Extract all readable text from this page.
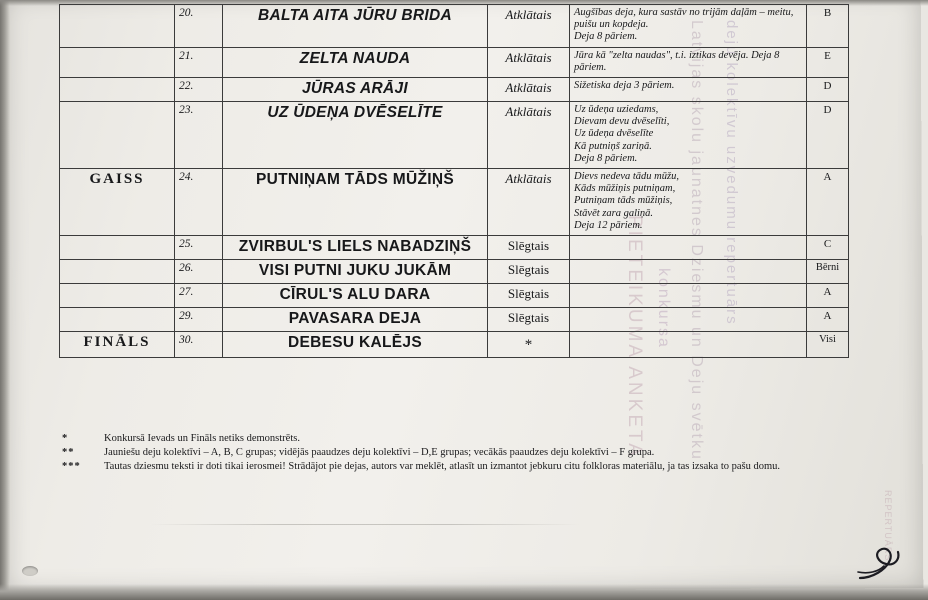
Latvijas skolu jaunatnes Dziesmu un Deju svētku deju kolektīvu uzvedumu repertuārs
PIETEIKUMA ANKETA konkursa
REPERTUĀRS
	20.	BALTA AITA JŪRU BRIDA	Atklātais	Augšības deja, kura sastāv no trijām daļām – meitu, puišu un kopdeja.
Deja 8 pāriem.	B
	21.	ZELTA NAUDA	Atklātais	Jūra kā "zelta naudas", t.i. iztikas devēja. Deja 8 pāriem.	E
	22.	JŪRAS ARĀJI	Atklātais	Sižetiska deja 3 pāriem.	D
	23.	UZ ŪDEŅA DVĒSELĪTE	Atklātais	Uz ūdeņa uziedams,
Dievam devu dvēselīti,
Uz ūdeņa dvēselīte
Kā putniņš zariņā.
Deja 8 pāriem.	D
GAISS	24.	PUTNIŅAM TĀDS MŪŽIŅŠ	Atklātais	Dievs nedeva tādu mūžu,
Kāds mūžiņis putniņam,
Putniņam tāds mūžiņis,
Stāvēt zara galiņā.
Deja 12 pāriem.	A
	25.	ZVIRBUL'S LIELS NABADZIŅŠ	Slēgtais		C
	26.	VISI PUTNI JUKU JUKĀM	Slēgtais		Bērni
	27.	CĪRUL'S ALU DARA	Slēgtais		A
	29.	PAVASARA DEJA	Slēgtais		A
FINĀLS	30.	DEBESU KALĒJS	*		Visi
*	Konkursā Ievads un Fināls netiks demonstrēts.
**	Jauniešu deju kolektīvi – A, B, C grupas; vidējās paaudzes deju kolektīvi – D,E grupas; vecākās paaudzes deju kolektīvi – F grupa.
***	Tautas dziesmu teksti ir doti tikai ierosmei! Strādājot pie dejas, autors var meklēt, atlasīt un izmantot jebkuru citu folkloras materiālu, ja tas izsaka to pašu domu.
